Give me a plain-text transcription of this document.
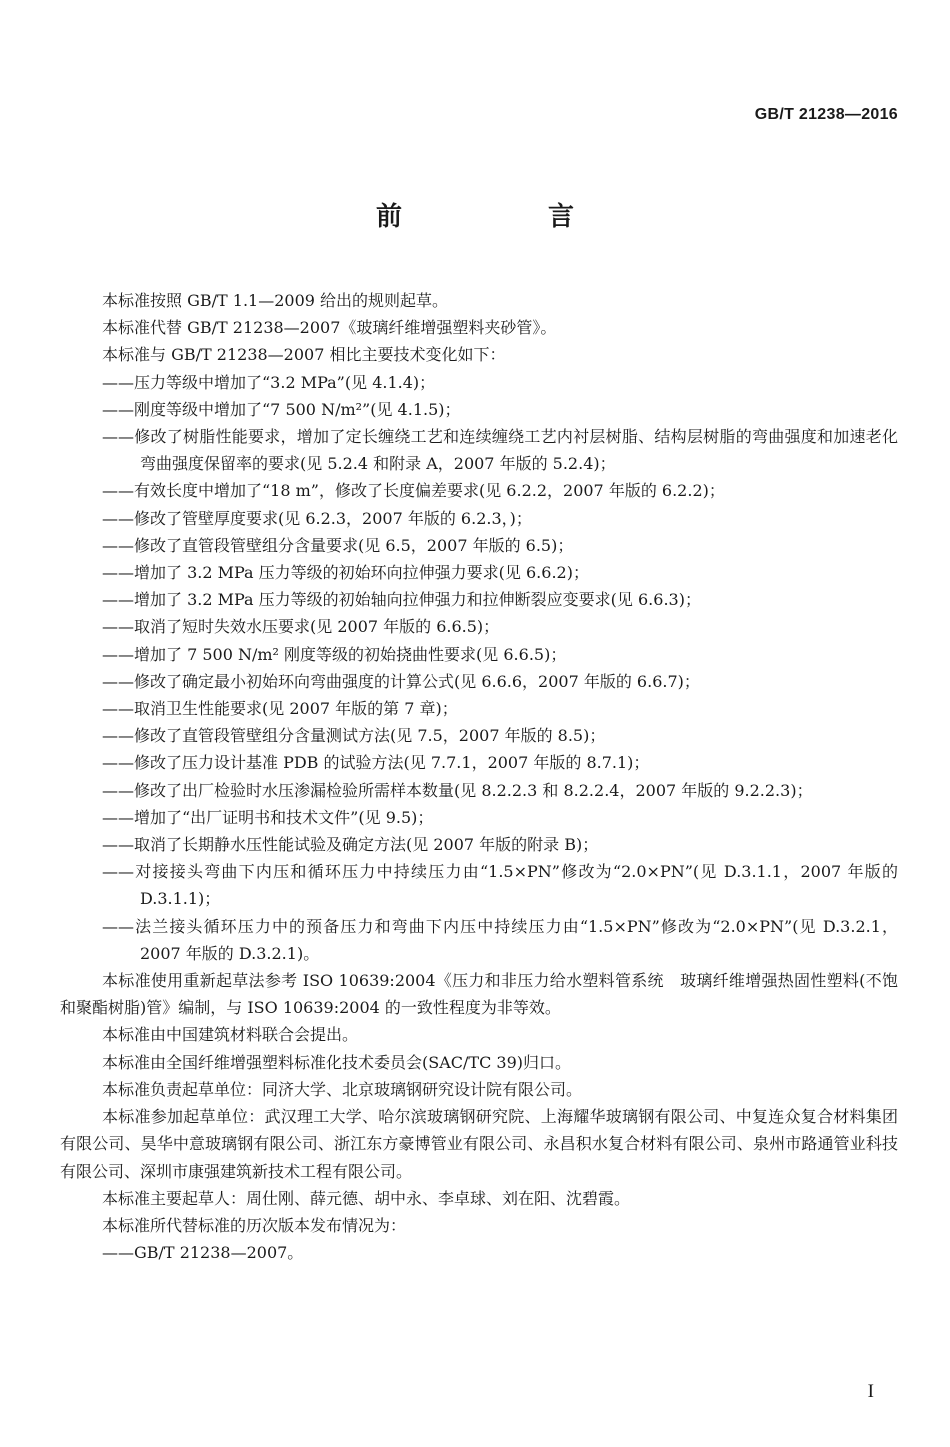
GB/T 21238—2016
前　言

本标准按照 GB/T 1.1—2009 给出的规则起草。

本标准代替 GB/T 21238—2007《玻璃纤维增强塑料夹砂管》。

本标准与 GB/T 21238—2007 相比主要技术变化如下：

——压力等级中增加了“3.2 MPa”(见 4.1.4)；

——刚度等级中增加了“7 500 N/m²”(见 4.1.5)；

——修改了树脂性能要求，增加了定长缠绕工艺和连续缠绕工艺内衬层树脂、结构层树脂的弯曲强度和加速老化弯曲强度保留率的要求(见 5.2.4 和附录 A，2007 年版的 5.2.4)；

——有效长度中增加了“18 m”，修改了长度偏差要求(见 6.2.2，2007 年版的 6.2.2)；

——修改了管壁厚度要求(见 6.2.3，2007 年版的 6.2.3，)；

——修改了直管段管壁组分含量要求(见 6.5，2007 年版的 6.5)；

——增加了 3.2 MPa 压力等级的初始环向拉伸强力要求(见 6.6.2)；

——增加了 3.2 MPa 压力等级的初始轴向拉伸强力和拉伸断裂应变要求(见 6.6.3)；

——取消了短时失效水压要求(见 2007 年版的 6.6.5)；

——增加了 7 500 N/m² 刚度等级的初始挠曲性要求(见 6.6.5)；

——修改了确定最小初始环向弯曲强度的计算公式(见 6.6.6，2007 年版的 6.6.7)；

——取消卫生性能要求(见 2007 年版的第 7 章)；

——修改了直管段管壁组分含量测试方法(见 7.5，2007 年版的 8.5)；

——修改了压力设计基准 PDB 的试验方法(见 7.7.1，2007 年版的 8.7.1)；

——修改了出厂检验时水压渗漏检验所需样本数量(见 8.2.2.3 和 8.2.2.4，2007 年版的 9.2.2.3)；

——增加了“出厂证明书和技术文件”(见 9.5)；

——取消了长期静水压性能试验及确定方法(见 2007 年版的附录 B)；

——对接接头弯曲下内压和循环压力中持续压力由“1.5×PN”修改为“2.0×PN”(见 D.3.1.1，2007 年版的 D.3.1.1)；

——法兰接头循环压力中的预备压力和弯曲下内压中持续压力由“1.5×PN”修改为“2.0×PN”(见 D.3.2.1，2007 年版的 D.3.2.1)。

本标准使用重新起草法参考 ISO 10639:2004《压力和非压力给水塑料管系统　玻璃纤维增强热固性塑料(不饱和聚酯树脂)管》编制，与 ISO 10639:2004 的一致性程度为非等效。

本标准由中国建筑材料联合会提出。

本标准由全国纤维增强塑料标准化技术委员会(SAC/TC 39)归口。

本标准负责起草单位：同济大学、北京玻璃钢研究设计院有限公司。

本标准参加起草单位：武汉理工大学、哈尔滨玻璃钢研究院、上海耀华玻璃钢有限公司、中复连众复合材料集团有限公司、昊华中意玻璃钢有限公司、浙江东方豪博管业有限公司、永昌积水复合材料有限公司、泉州市路通管业科技有限公司、深圳市康强建筑新技术工程有限公司。

本标准主要起草人：周仕刚、薛元德、胡中永、李卓球、刘在阳、沈碧霞。

本标准所代替标准的历次版本发布情况为：

——GB/T 21238—2007。

I
